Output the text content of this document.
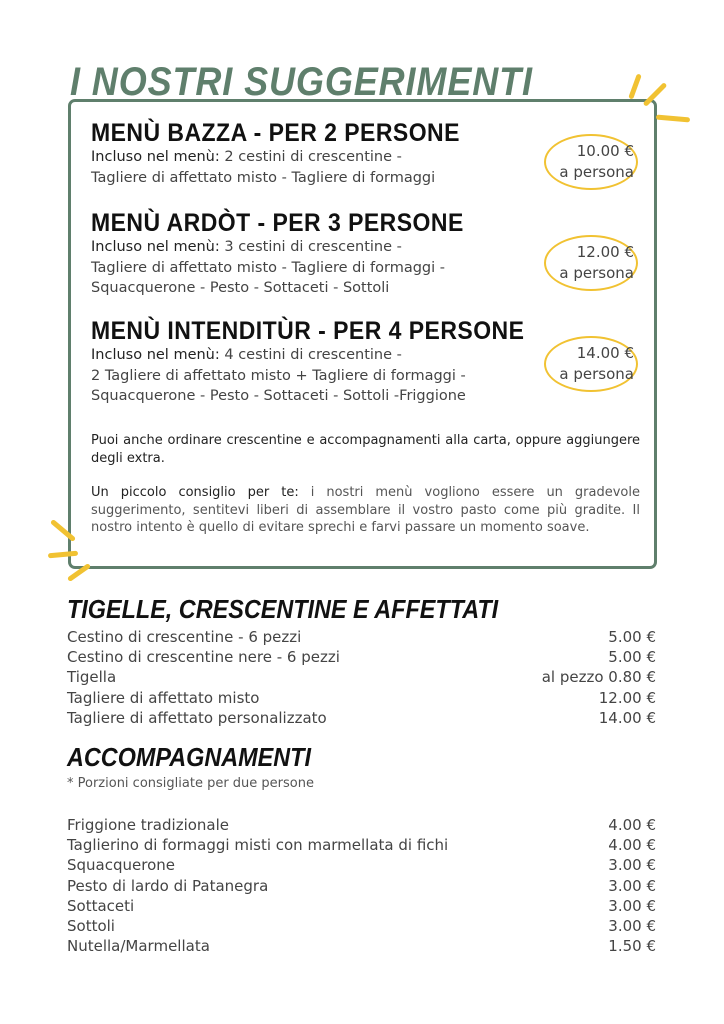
I NOSTRI SUGGERIMENTI
MENÙ BAZZA - PER 2 PERSONE
Incluso nel menù: 2 cestini di crescentine -
Tagliere di affettato misto - Tagliere di formaggi
10.00 €
a persona
MENÙ ARDÒT - PER 3 PERSONE
Incluso nel menù: 3 cestini di crescentine -
Tagliere di affettato misto - Tagliere di formaggi -
Squacquerone - Pesto - Sottaceti - Sottoli
12.00 €
a persona
MENÙ INTENDITÙR - PER 4 PERSONE
Incluso nel menù: 4 cestini di crescentine -
2 Tagliere di affettato misto + Tagliere di formaggi -
Squacquerone - Pesto - Sottaceti - Sottoli -Friggione
14.00 €
a persona
Puoi anche ordinare crescentine e accompagnamenti alla carta, oppure aggiungere degli extra.
Un piccolo consiglio per te: i nostri menù vogliono essere un gradevole suggerimento, sentitevi liberi di assemblare il vostro pasto come più gradite. Il nostro intento è quello di evitare sprechi e farvi passare un momento soave.
TIGELLE, CRESCENTINE E AFFETTATI
Cestino di crescentine - 6 pezzi	5.00 €
Cestino di crescentine nere - 6 pezzi	5.00 €
Tigella	al pezzo 0.80 €
Tagliere di affettato misto	12.00 €
Tagliere di affettato personalizzato	14.00 €
ACCOMPAGNAMENTI
* Porzioni consigliate per due persone
Friggione tradizionale	4.00 €
Taglierino di formaggi misti con marmellata di fichi	4.00 €
Squacquerone	3.00 €
Pesto di lardo di Patanegra	3.00 €
Sottaceti	3.00 €
Sottoli	3.00 €
Nutella/Marmellata	1.50 €
